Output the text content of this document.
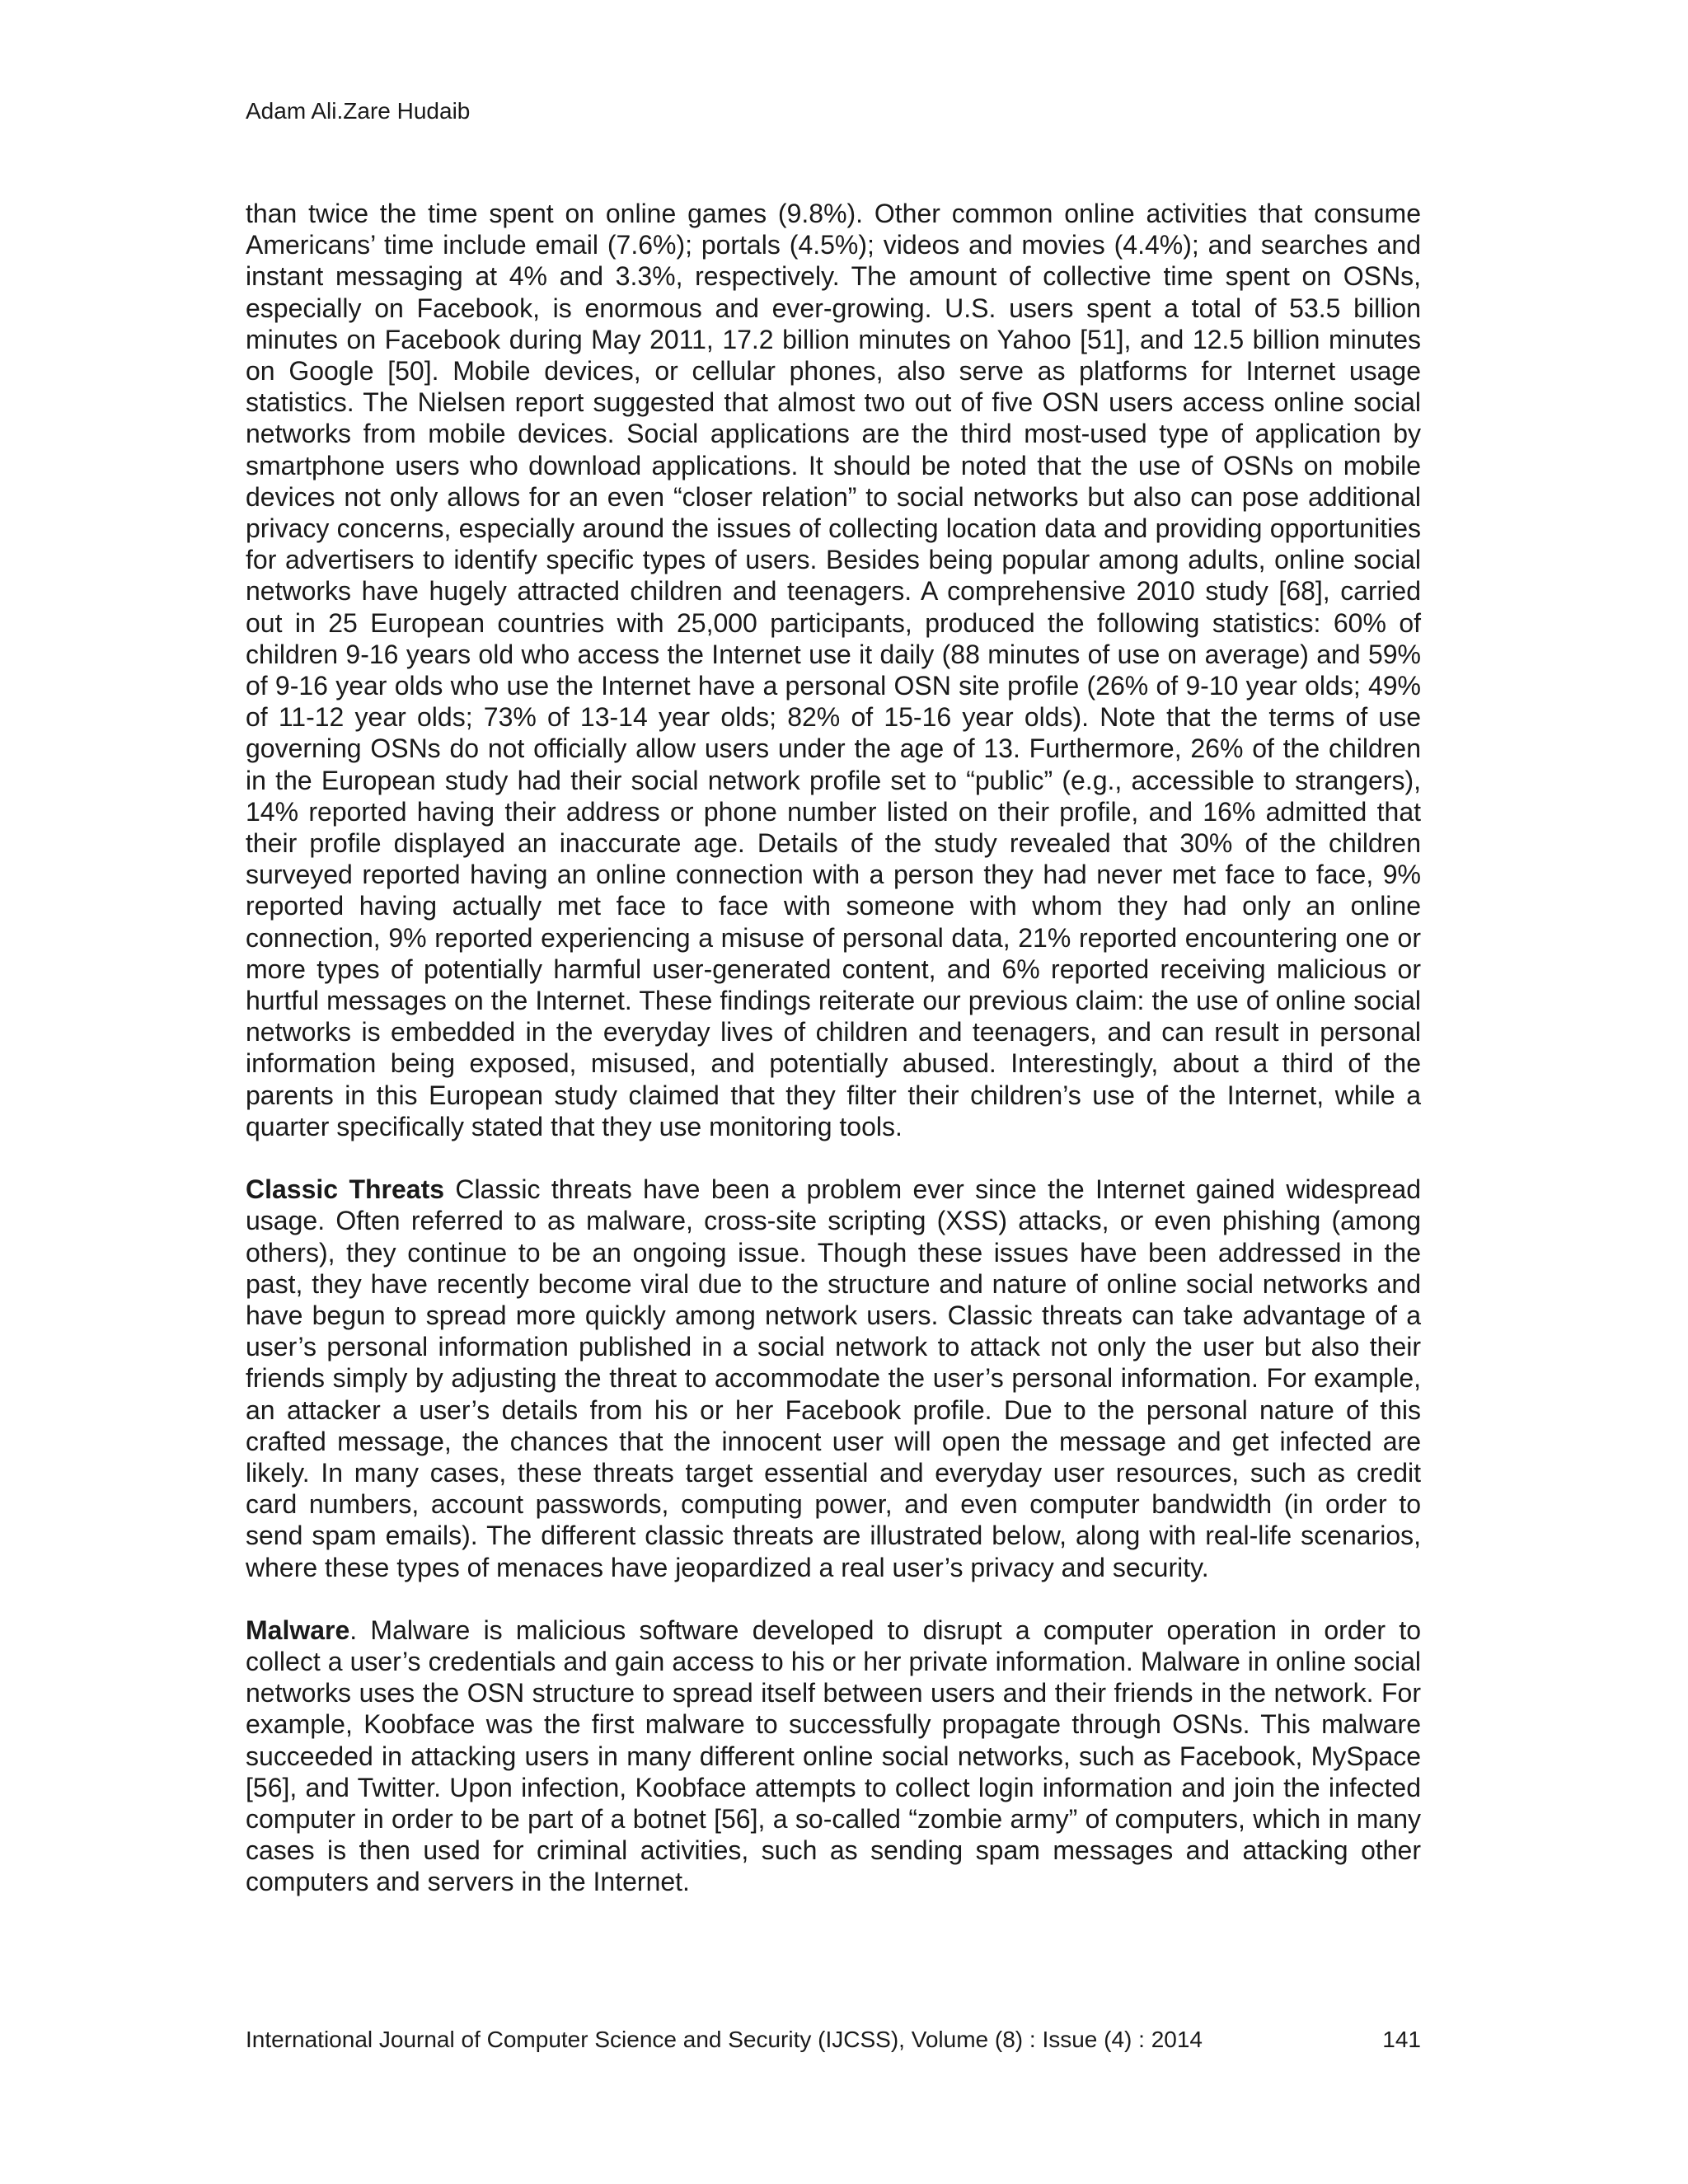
Adam Ali.Zare Hudaib

than twice the time spent on online games (9.8%). Other common online activities that consume Americans’ time include email (7.6%); portals (4.5%); videos and movies (4.4%); and searches and instant messaging at 4% and 3.3%, respectively. The amount of collective time spent on OSNs, especially on Facebook, is enormous and ever-growing. U.S. users spent a total of 53.5 billion minutes on Facebook during May 2011, 17.2 billion minutes on Yahoo [51], and 12.5 billion minutes on Google [50]. Mobile devices, or cellular phones, also serve as platforms for Internet usage statistics. The Nielsen report suggested that almost two out of five OSN users access online social networks from mobile devices. Social applications are the third most-used type of application by smartphone users who download applications. It should be noted that the use of OSNs on mobile devices not only allows for an even “closer relation” to social networks but also can pose additional privacy concerns, especially around the issues of collecting location data and providing opportunities for advertisers to identify specific types of users. Besides being popular among adults, online social networks have hugely attracted children and teenagers. A comprehensive 2010 study [68], carried out in 25 European countries with 25,000 participants, produced the following statistics: 60% of children 9-16 years old who access the Internet use it daily (88 minutes of use on average) and 59% of 9-16 year olds who use the Internet have a personal OSN site profile (26% of 9-10 year olds; 49% of 11-12 year olds; 73% of 13-14 year olds; 82% of 15-16 year olds). Note that the terms of use governing OSNs do not officially allow users under the age of 13. Furthermore, 26% of the children in the European study had their social network profile set to “public” (e.g., accessible to strangers), 14% reported having their address or phone number listed on their profile, and 16% admitted that their profile displayed an inaccurate age. Details of the study revealed that 30% of the children surveyed reported having an online connection with a person they had never met face to face, 9% reported having actually met face to face with someone with whom they had only an online connection, 9% reported experiencing a misuse of personal data, 21% reported encountering one or more types of potentially harmful user-generated content, and 6% reported receiving malicious or hurtful messages on the Internet. These findings reiterate our previous claim: the use of online social networks is embedded in the everyday lives of children and teenagers, and can result in personal information being exposed, misused, and potentially abused. Interestingly, about a third of the parents in this European study claimed that they filter their children’s use of the Internet, while a quarter specifically stated that they use monitoring tools.

Classic Threats Classic threats have been a problem ever since the Internet gained widespread usage. Often referred to as malware, cross-site scripting (XSS) attacks, or even phishing (among others), they continue to be an ongoing issue. Though these issues have been addressed in the past, they have recently become viral due to the structure and nature of online social networks and have begun to spread more quickly among network users. Classic threats can take advantage of a user’s personal information published in a social network to attack not only the user but also their friends simply by adjusting the threat to accommodate the user’s personal information. For example, an attacker a user’s details from his or her Facebook profile. Due to the personal nature of this crafted message, the chances that the innocent user will open the message and get infected are likely. In many cases, these threats target essential and everyday user resources, such as credit card numbers, account passwords, computing power, and even computer bandwidth (in order to send spam emails). The different classic threats are illustrated below, along with real-life scenarios, where these types of menaces have jeopardized a real user’s privacy and security.

Malware. Malware is malicious software developed to disrupt a computer operation in order to collect a user’s credentials and gain access to his or her private information. Malware in online social networks uses the OSN structure to spread itself between users and their friends in the network. For example, Koobface was the first malware to successfully propagate through OSNs. This malware succeeded in attacking users in many different online social networks, such as Facebook, MySpace [56], and Twitter. Upon infection, Koobface attempts to collect login information and join the infected computer in order to be part of a botnet [56], a so-called “zombie army” of computers, which in many cases is then used for criminal activities, such as sending spam messages and attacking other computers and servers in the Internet.

International Journal of Computer Science and Security (IJCSS), Volume (8) : Issue (4) : 2014	141
